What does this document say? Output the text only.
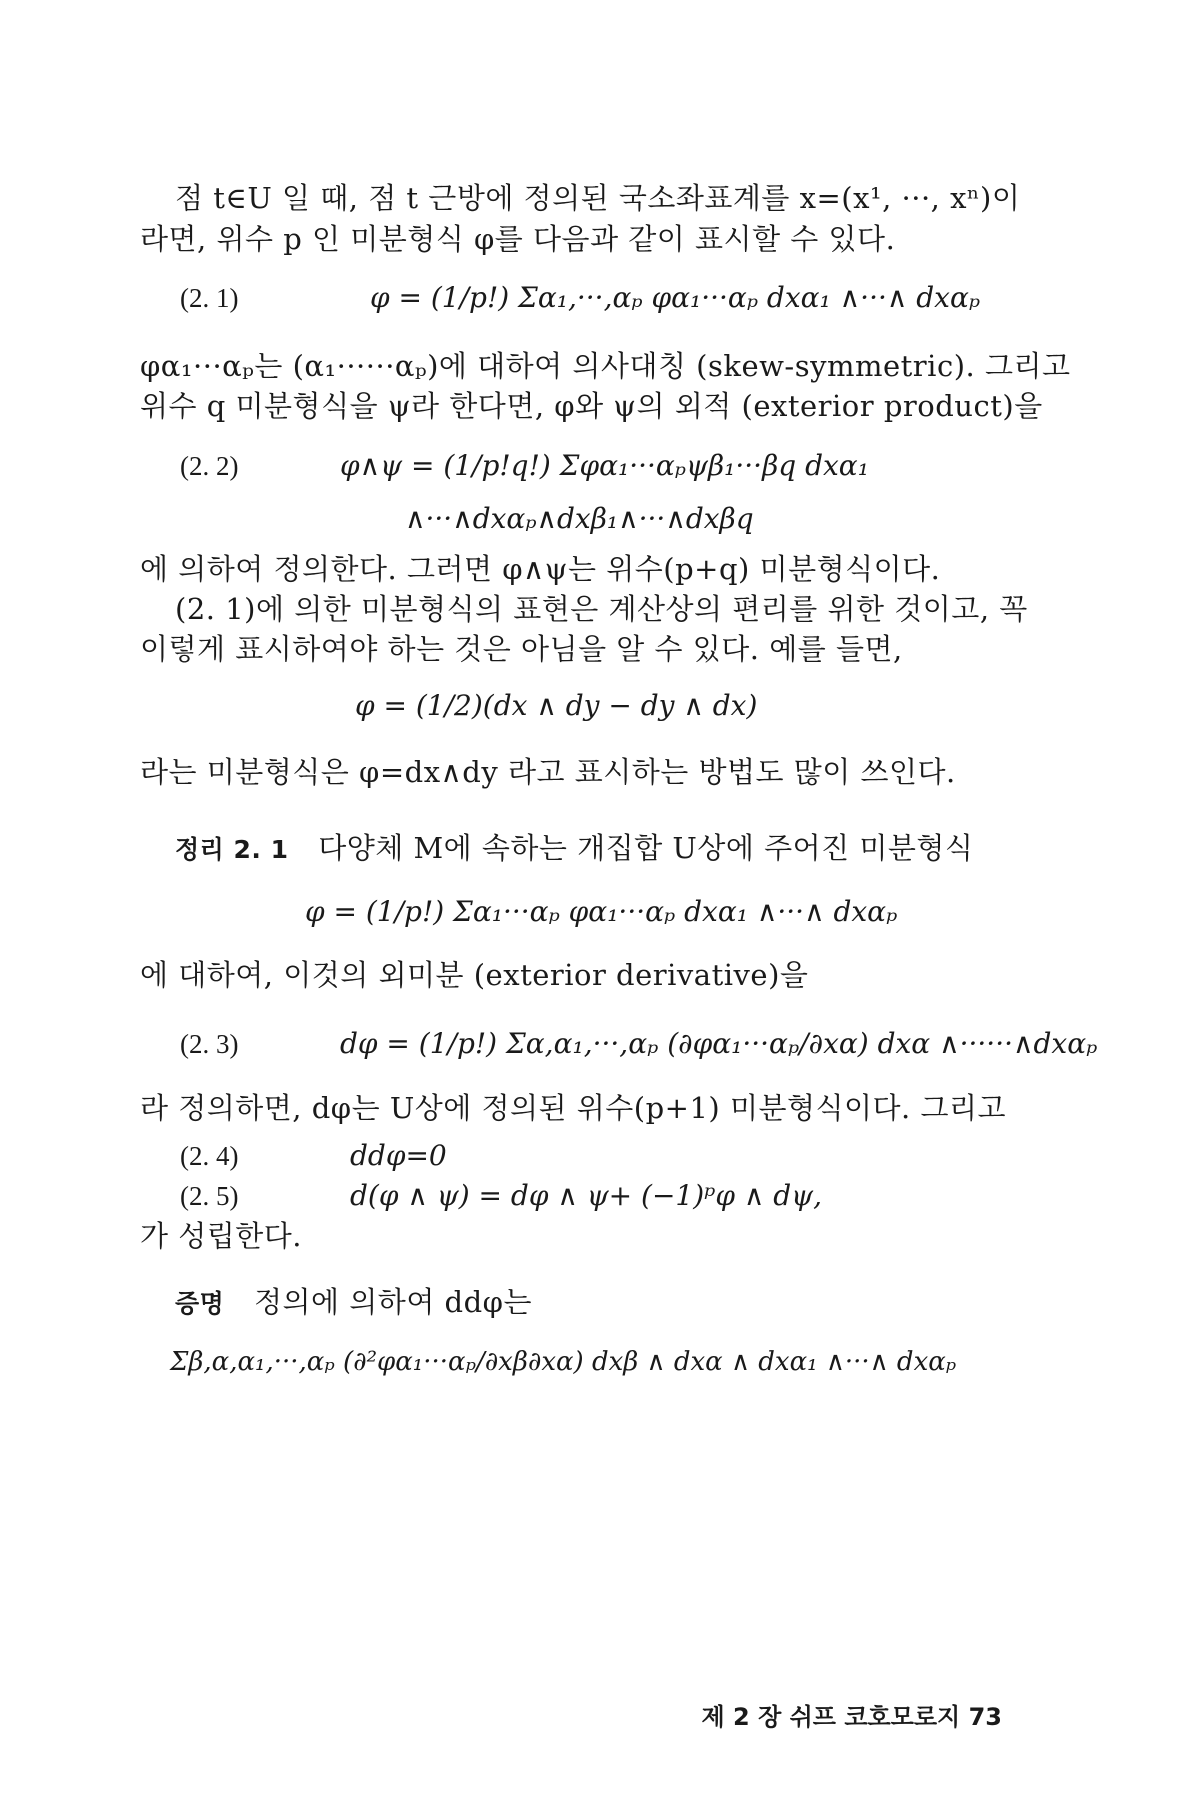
점 t∈U 일 때, 점 t 근방에 정의된 국소좌표계를 x=(x¹, ···, xⁿ)이
라면, 위수 p 인 미분형식 φ를 다음과 같이 표시할 수 있다.
(2. 1)	φ = (1/p!) Σα₁,···,αₚ φα₁···αₚ dxα₁ ∧···∧ dxαₚ
φα₁···αₚ는 (α₁······αₚ)에 대하여 의사대칭 (skew-symmetric). 그리고
위수 q 미분형식을 ψ라 한다면, φ와 ψ의 외적 (exterior product)을
(2. 2)	φ∧ψ = (1/p!q!) Σφα₁···αₚψβ₁···βq dxα₁
∧···∧dxαₚ∧dxβ₁∧···∧dxβq
에 의하여 정의한다. 그러면 φ∧ψ는 위수(p+q) 미분형식이다.
(2. 1)에 의한 미분형식의 표현은 계산상의 편리를 위한 것이고, 꼭
이렇게 표시하여야 하는 것은 아님을 알 수 있다. 예를 들면,
φ = (1/2)(dx ∧ dy − dy ∧ dx)
라는 미분형식은 φ=dx∧dy 라고 표시하는 방법도 많이 쓰인다.
정리 2. 1 다양체 M에 속하는 개집합 U상에 주어진 미분형식
φ = (1/p!) Σα₁···αₚ φα₁···αₚ dxα₁ ∧···∧ dxαₚ
에 대하여, 이것의 외미분 (exterior derivative)을
(2. 3)	dφ = (1/p!) Σα,α₁,···,αₚ (∂φα₁···αₚ/∂xα) dxα ∧······∧dxαₚ
라 정의하면, dφ는 U상에 정의된 위수(p+1) 미분형식이다. 그리고
(2. 4)	ddφ=0
(2. 5)	d(φ ∧ ψ) = dφ ∧ ψ+ (−1)ᵖφ ∧ dψ,
가 성립한다.
증명 정의에 의하여 ddφ는
Σβ,α,α₁,···,αₚ (∂²φα₁···αₚ/∂xβ∂xα) dxβ ∧ dxα ∧ dxα₁ ∧···∧ dxαₚ
제 2 장 쉬프 코호모로지 73
